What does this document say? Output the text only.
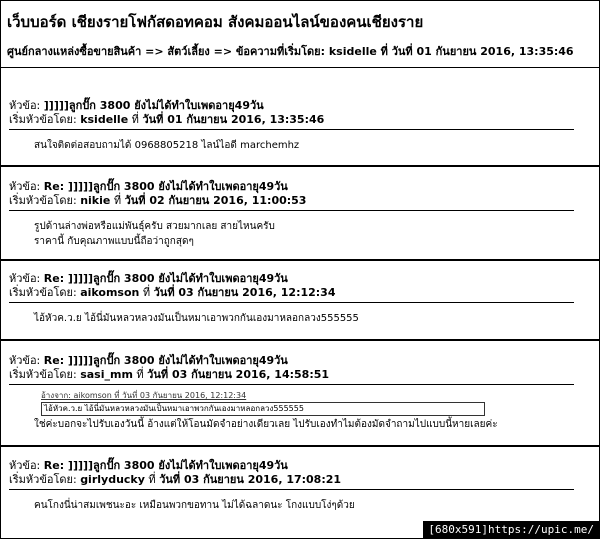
เว็บบอร์ด เชียงรายโฟกัสดอทคอม สังคมออนไลน์ของคนเชียงราย
ศูนย์กลางแหล่งซื้อขายสินค้า => สัตว์เลี้ยง => ข้อความที่เริ่มโดย: ksidelle ที่ วันที่ 01 กันยายน 2016, 13:35:46
หัวข้อ: ]]]]]ลูกปั๊ก 3800 ยังไม่ได้ทำใบเพดอายุ49วัน
เริ่มหัวข้อโดย: ksidelle ที่ วันที่ 01 กันยายน 2016, 13:35:46
สนใจติดต่อสอบถามได้ 0968805218 ไลน์ไอดี marchemhz
หัวข้อ: Re: ]]]]]ลูกปั๊ก 3800 ยังไม่ได้ทำใบเพดอายุ49วัน
เริ่มหัวข้อโดย: nikie ที่ วันที่ 02 กันยายน 2016, 11:00:53
รูปด้านล่างพ่อหรือแม่พันธุ์ครับ สวยมากเลย สายไหนครับ
ราคานี้ กับคุณภาพแบบนี้ถือว่าถูกสุดๆ
หัวข้อ: Re: ]]]]]ลูกปั๊ก 3800 ยังไม่ได้ทำใบเพดอายุ49วัน
เริ่มหัวข้อโดย: aikomson ที่ วันที่ 03 กันยายน 2016, 12:12:34
ไอ้หัวค.ว.ย ไอ้นี่มันหลวหลวงมันเป็นหมาเอาพวกกันเองมาหลอกลวง555555
หัวข้อ: Re: ]]]]]ลูกปั๊ก 3800 ยังไม่ได้ทำใบเพดอายุ49วัน
เริ่มหัวข้อโดย: sasi_mm ที่ วันที่ 03 กันยายน 2016, 14:58:51
อ้างจาก: aikomson ที่ วันที่ 03 กันยายน 2016, 12:12:34
ไอ้หัวค.ว.ย ไอ้นี่มันหลวหลวงมันเป็นหมาเอาพวกกันเองมาหลอกลวง555555
ใช่ค่ะบอกจะไปรับเองวันนี้ อ้างแต่ให้โอนมัดจำอย่างเดียวเลย ไปรับเองทำไมต้องมัดจำถามไปแบบนี้หายเลยค่ะ
หัวข้อ: Re: ]]]]]ลูกปั๊ก 3800 ยังไม่ได้ทำใบเพดอายุ49วัน
เริ่มหัวข้อโดย: girlyducky ที่ วันที่ 03 กันยายน 2016, 17:08:21
คนโกงนี่น่าสมเพชนะอะ เหมือนพวกขอทาน ไม่ได้ฉลาดนะ โกงแบบโง่ๆด้วย
[680x591]https://upic.me/
